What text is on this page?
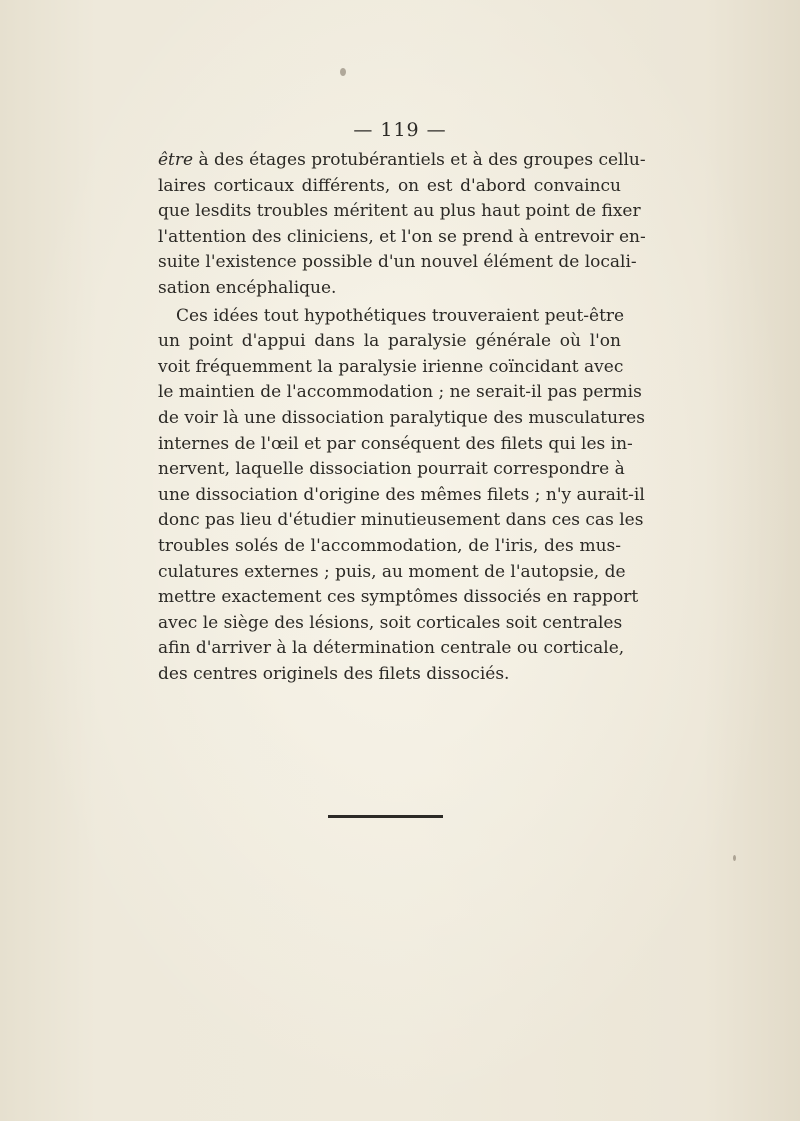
— 119 —

être à des étages protubérantiels et à des groupes cellu-
laires corticaux différents, on est d'abord convaincu
que lesdits troubles méritent au plus haut point de fixer
l'attention des cliniciens, et l'on se prend à entrevoir en-
suite l'existence possible d'un nouvel élément de locali-
sation encéphalique.
Ces idées tout hypothétiques trouveraient peut-être
un point d'appui dans la paralysie générale où l'on
voit fréquemment la paralysie irienne coïncidant avec
le maintien de l'accommodation ; ne serait-il pas permis
de voir là une dissociation paralytique des musculatures
internes de l'œil et par conséquent des filets qui les in-
nervent, laquelle dissociation pourrait correspondre à
une dissociation d'origine des mêmes filets ; n'y aurait-il
donc pas lieu d'étudier minutieusement dans ces cas les
troubles solés de l'accommodation, de l'iris, des mus-
culatures externes ; puis, au moment de l'autopsie, de
mettre exactement ces symptômes dissociés en rapport
avec le siège des lésions, soit corticales soit centrales
afin d'arriver à la détermination centrale ou corticale,
des centres originels des filets dissociés.
